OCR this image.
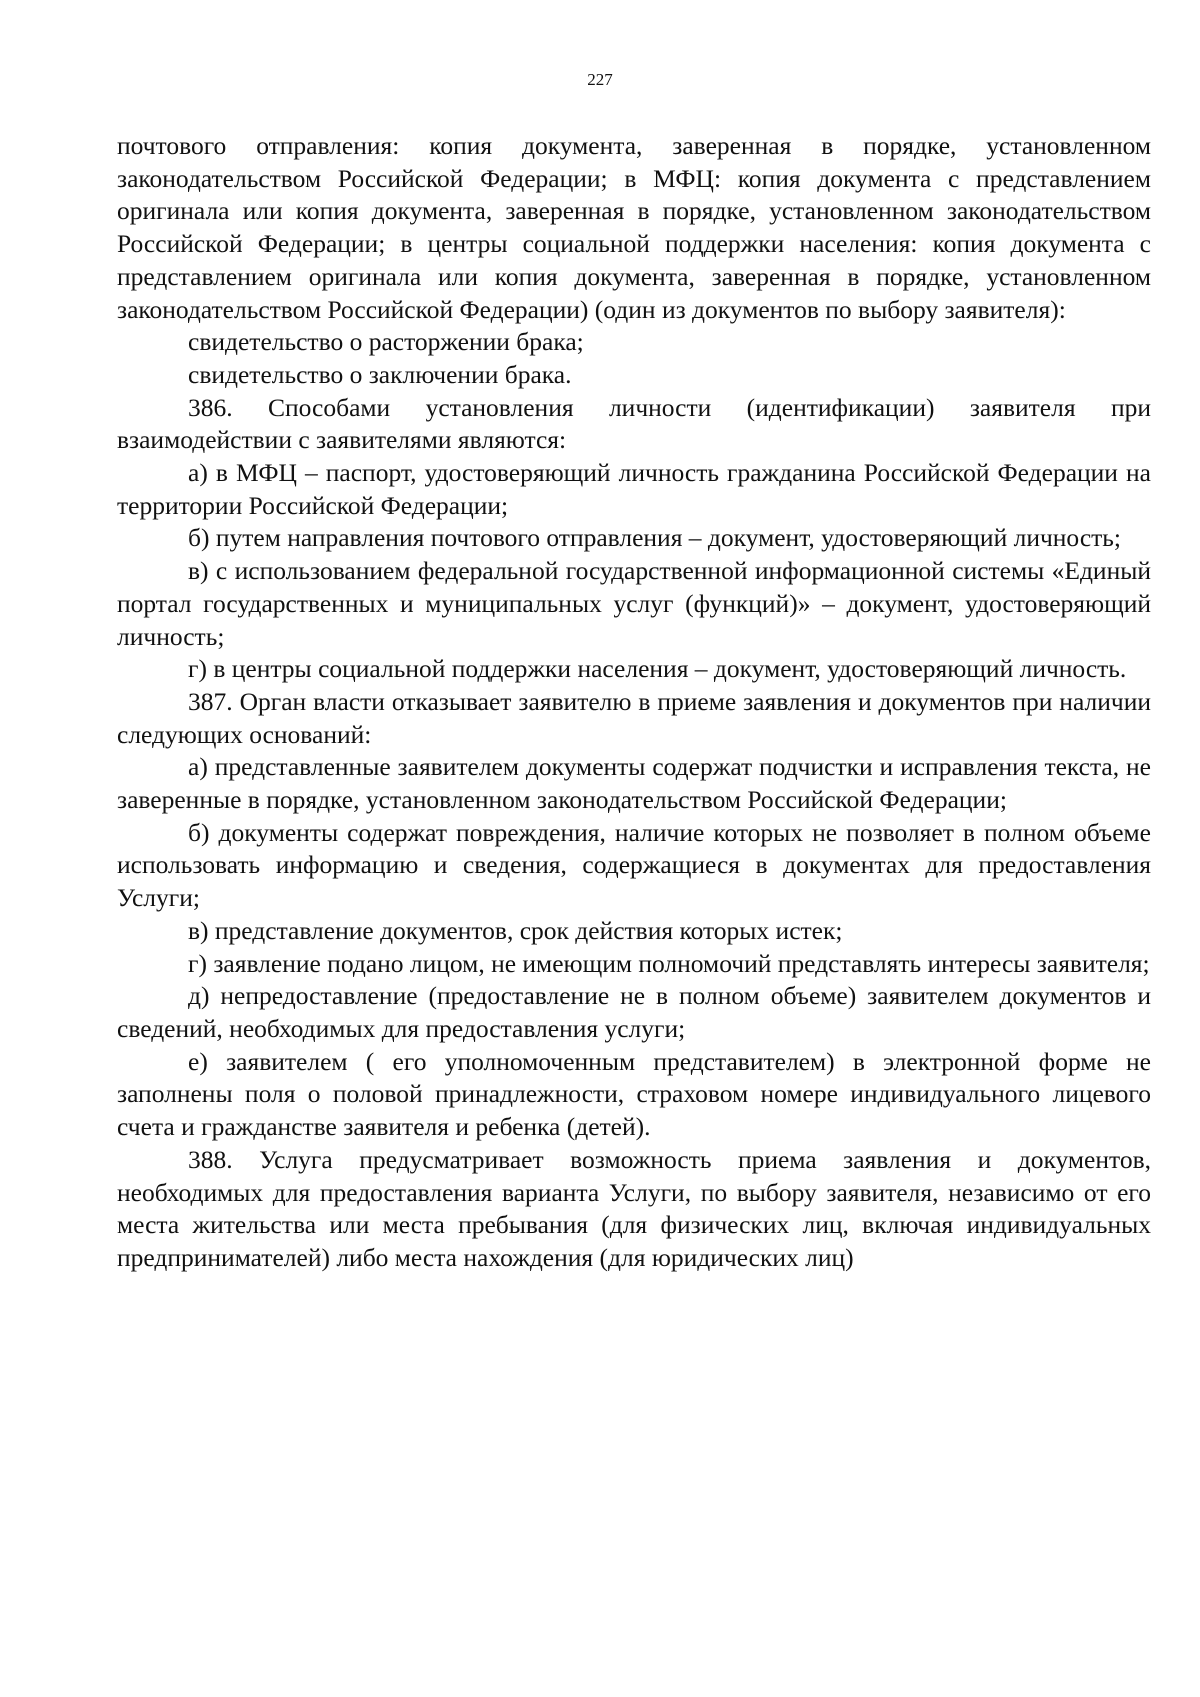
227

почтового отправления: копия документа, заверенная в порядке, установленном законодательством Российской Федерации; в МФЦ: копия документа с представлением оригинала или копия документа, заверенная в порядке, установленном законодательством Российской Федерации; в центры социальной поддержки населения: копия документа с представлением оригинала или копия документа, заверенная в порядке, установленном законодательством Российской Федерации) (один из документов по выбору заявителя):

свидетельство о расторжении брака;

свидетельство о заключении брака.

386. Способами установления личности (идентификации) заявителя при взаимодействии с заявителями являются:

а) в МФЦ – паспорт, удостоверяющий личность гражданина Российской Федерации на территории Российской Федерации;

б) путем направления почтового отправления – документ, удостоверяющий личность;

в) с использованием федеральной государственной информационной системы «Единый портал государственных и муниципальных услуг (функций)» – документ, удостоверяющий личность;

г) в центры социальной поддержки населения – документ, удостоверяющий личность.

387. Орган власти отказывает заявителю в приеме заявления и документов при наличии следующих оснований:

а) представленные заявителем документы содержат подчистки и исправления текста, не заверенные в порядке, установленном законодательством Российской Федерации;

б) документы содержат повреждения, наличие которых не позволяет в полном объеме использовать информацию и сведения, содержащиеся в документах для предоставления Услуги;

в) представление документов, срок действия которых истек;

г) заявление подано лицом, не имеющим полномочий представлять интересы заявителя;

д) непредоставление (предоставление не в полном объеме) заявителем документов и сведений, необходимых для предоставления услуги;

е) заявителем ( его уполномоченным представителем) в электронной форме не заполнены поля о половой принадлежности, страховом номере индивидуального лицевого счета и гражданстве заявителя и ребенка (детей).

388. Услуга предусматривает возможность приема заявления и документов, необходимых для предоставления варианта Услуги, по выбору заявителя, независимо от его места жительства или места пребывания (для физических лиц, включая индивидуальных предпринимателей) либо места нахождения (для юридических лиц)
